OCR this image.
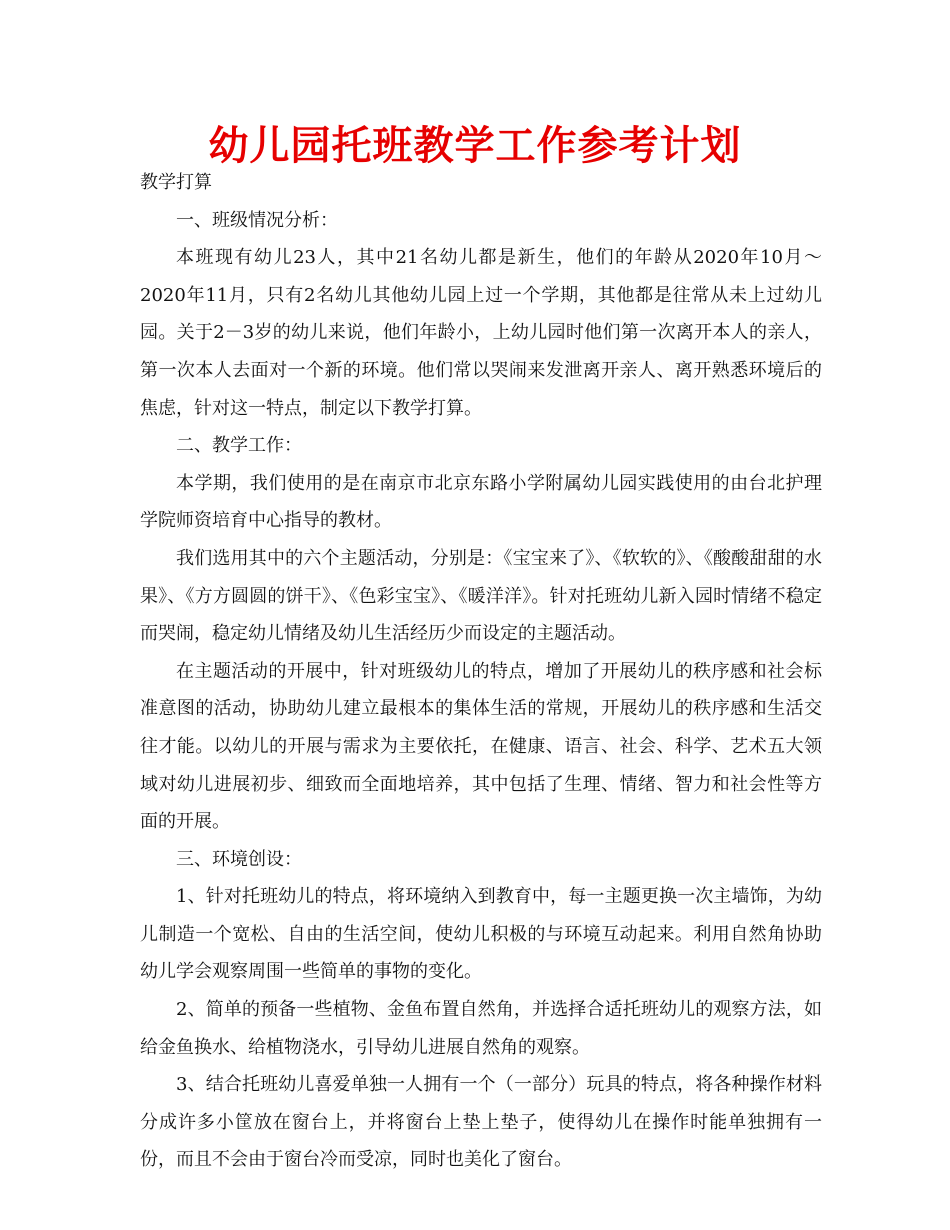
幼儿园托班教学工作参考计划

教学打算

一、班级情况分析：

本班现有幼儿23人，其中21名幼儿都是新生，他们的年龄从2020年10月～2020年11月，只有2名幼儿其他幼儿园上过一个学期，其他都是往常从未上过幼儿园。关于2－3岁的幼儿来说，他们年龄小，上幼儿园时他们第一次离开本人的亲人，第一次本人去面对一个新的环境。他们常以哭闹来发泄离开亲人、离开熟悉环境后的焦虑，针对这一特点，制定以下教学打算。

二、教学工作：

本学期，我们使用的是在南京市北京东路小学附属幼儿园实践使用的由台北护理学院师资培育中心指导的教材。

我们选用其中的六个主题活动，分别是：《宝宝来了》、《软软的》、《酸酸甜甜的水果》、《方方圆圆的饼干》、《色彩宝宝》、《暖洋洋》。针对托班幼儿新入园时情绪不稳定而哭闹，稳定幼儿情绪及幼儿生活经历少而设定的主题活动。

在主题活动的开展中，针对班级幼儿的特点，增加了开展幼儿的秩序感和社会标准意图的活动，协助幼儿建立最根本的集体生活的常规，开展幼儿的秩序感和生活交往才能。以幼儿的开展与需求为主要依托，在健康、语言、社会、科学、艺术五大领域对幼儿进展初步、细致而全面地培养，其中包括了生理、情绪、智力和社会性等方面的开展。

三、环境创设：

1、针对托班幼儿的特点，将环境纳入到教育中，每一主题更换一次主墙饰，为幼儿制造一个宽松、自由的生活空间，使幼儿积极的与环境互动起来。利用自然角协助幼儿学会观察周围一些简单的事物的变化。

2、简单的预备一些植物、金鱼布置自然角，并选择合适托班幼儿的观察方法，如给金鱼换水、给植物浇水，引导幼儿进展自然角的观察。

3、结合托班幼儿喜爱单独一人拥有一个（一部分）玩具的特点，将各种操作材料分成许多小筐放在窗台上，并将窗台上垫上垫子，使得幼儿在操作时能单独拥有一份，而且不会由于窗台冷而受凉，同时也美化了窗台。
